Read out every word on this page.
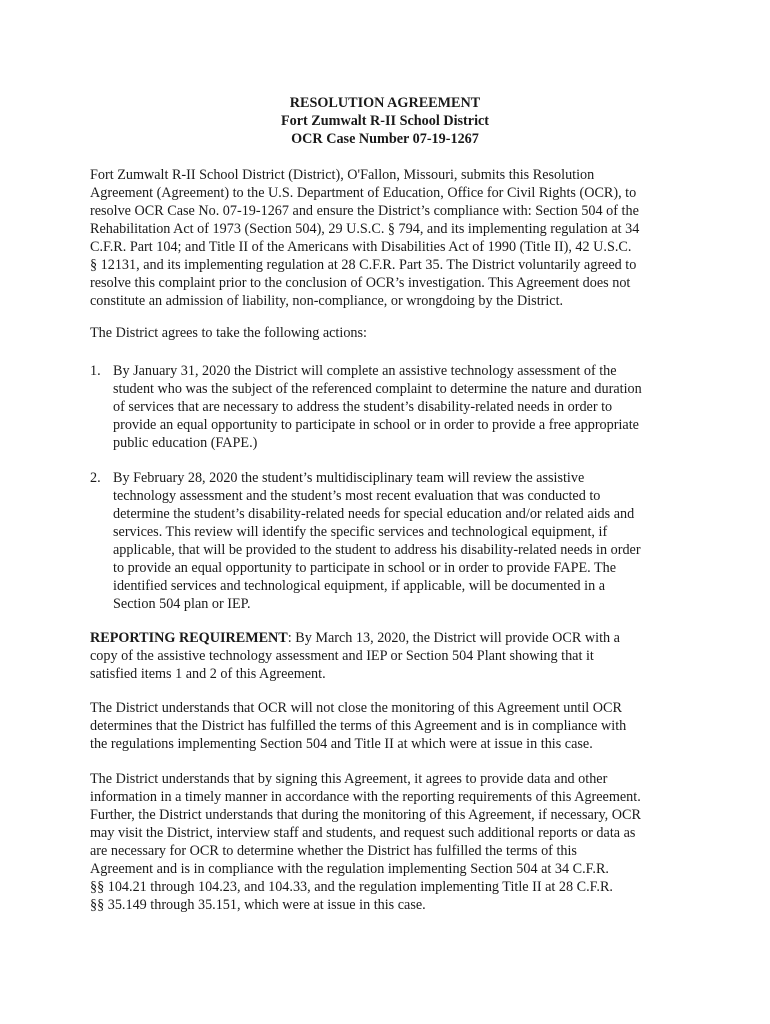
RESOLUTION AGREEMENT
Fort Zumwalt R-II School District
OCR Case Number 07-19-1267
Fort Zumwalt R-II School District (District), O'Fallon, Missouri, submits this Resolution
Agreement (Agreement) to the U.S. Department of Education, Office for Civil Rights (OCR), to
resolve OCR Case No. 07-19-1267 and ensure the District’s compliance with: Section 504 of the
Rehabilitation Act of 1973 (Section 504), 29 U.S.C. § 794, and its implementing regulation at 34
C.F.R. Part 104; and Title II of the Americans with Disabilities Act of 1990 (Title II), 42 U.S.C.
§ 12131, and its implementing regulation at 28 C.F.R. Part 35. The District voluntarily agreed to
resolve this complaint prior to the conclusion of OCR’s investigation. This Agreement does not
constitute an admission of liability, non-compliance, or wrongdoing by the District.
The District agrees to take the following actions:
1. By January 31, 2020 the District will complete an assistive technology assessment of the
student who was the subject of the referenced complaint to determine the nature and duration
of services that are necessary to address the student’s disability-related needs in order to
provide an equal opportunity to participate in school or in order to provide a free appropriate
public education (FAPE.)
2. By February 28, 2020 the student’s multidisciplinary team will review the assistive
technology assessment and the student’s most recent evaluation that was conducted to
determine the student’s disability-related needs for special education and/or related aids and
services. This review will identify the specific services and technological equipment, if
applicable, that will be provided to the student to address his disability-related needs in order
to provide an equal opportunity to participate in school or in order to provide FAPE. The
identified services and technological equipment, if applicable, will be documented in a
Section 504 plan or IEP.
REPORTING REQUIREMENT: By March 13, 2020, the District will provide OCR with a
copy of the assistive technology assessment and IEP or Section 504 Plant showing that it
satisfied items 1 and 2 of this Agreement.
The District understands that OCR will not close the monitoring of this Agreement until OCR
determines that the District has fulfilled the terms of this Agreement and is in compliance with
the regulations implementing Section 504 and Title II at which were at issue in this case.
The District understands that by signing this Agreement, it agrees to provide data and other
information in a timely manner in accordance with the reporting requirements of this Agreement.
Further, the District understands that during the monitoring of this Agreement, if necessary, OCR
may visit the District, interview staff and students, and request such additional reports or data as
are necessary for OCR to determine whether the District has fulfilled the terms of this
Agreement and is in compliance with the regulation implementing Section 504 at 34 C.F.R.
§§ 104.21 through 104.23, and 104.33, and the regulation implementing Title II at 28 C.F.R.
§§ 35.149 through 35.151, which were at issue in this case.
